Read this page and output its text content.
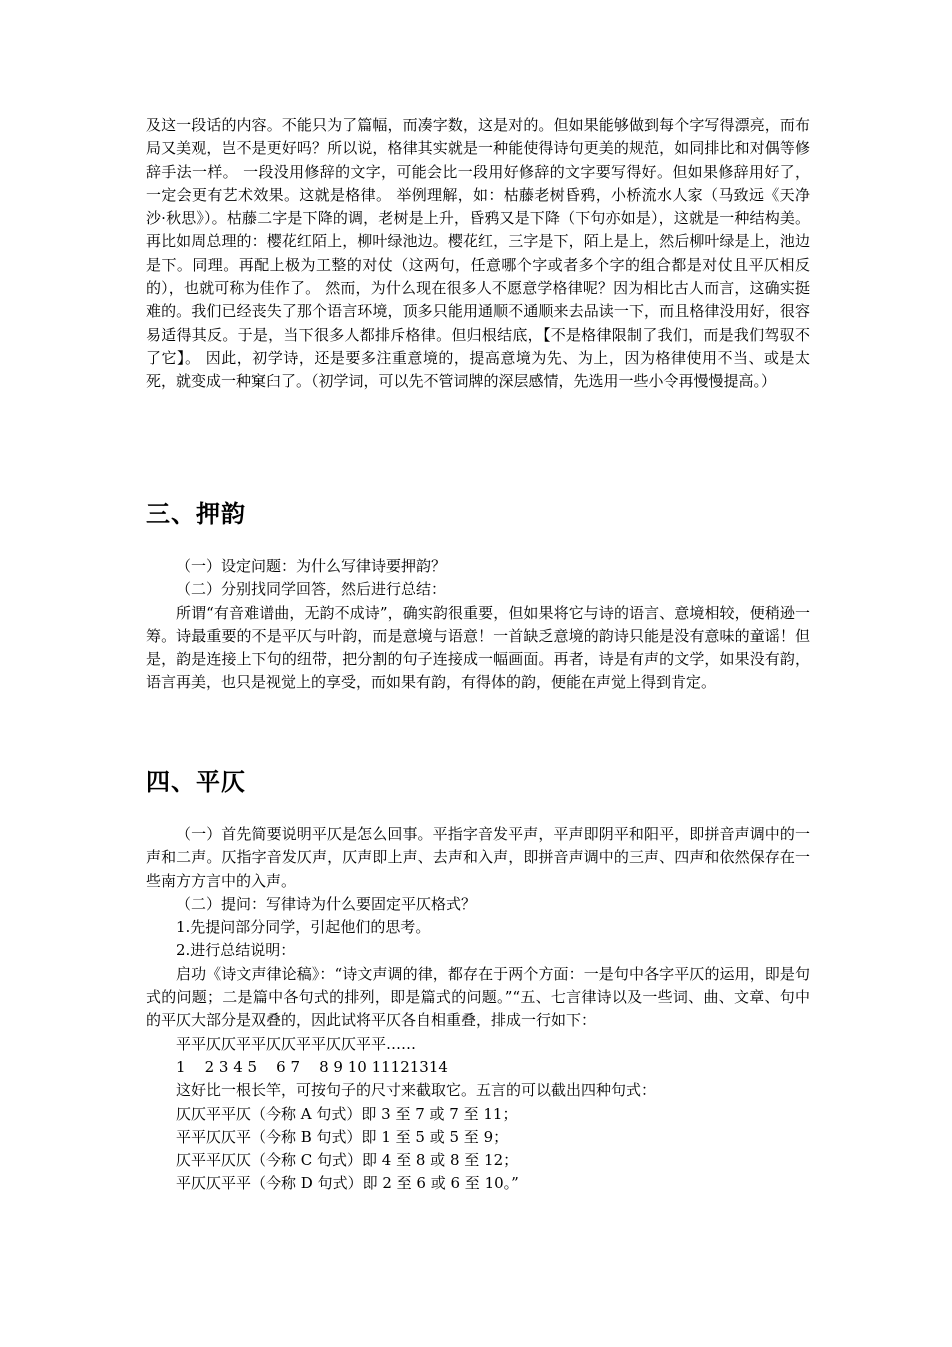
及这一段话的内容。不能只为了篇幅，而凑字数，这是对的。但如果能够做到每个字写得漂亮，而布局又美观，岂不是更好吗？所以说，格律其实就是一种能使得诗句更美的规范，如同排比和对偶等修辞手法一样。 一段没用修辞的文字，可能会比一段用好修辞的文字要写得好。但如果修辞用好了，一定会更有艺术效果。这就是格律。 举例理解，如：枯藤老树昏鸦，小桥流水人家（马致远《天净沙·秋思》）。枯藤二字是下降的调，老树是上升，昏鸦又是下降（下句亦如是），这就是一种结构美。 再比如周总理的：樱花红陌上，柳叶绿池边。樱花红，三字是下，陌上是上，然后柳叶绿是上，池边是下。同理。再配上极为工整的对仗（这两句，任意哪个字或者多个字的组合都是对仗且平仄相反的），也就可称为佳作了。 然而，为什么现在很多人不愿意学格律呢？因为相比古人而言，这确实挺难的。我们已经丧失了那个语言环境，顶多只能用通顺不通顺来去品读一下，而且格律没用好，很容易适得其反。于是，当下很多人都排斥格律。但归根结底，【不是格律限制了我们，而是我们驾驭不了它】。 因此，初学诗，还是要多注重意境的，提高意境为先、为上，因为格律使用不当、或是太死，就变成一种窠臼了。（初学词，可以先不管词牌的深层感情，先选用一些小令再慢慢提高。）

三、押韵

（一）设定问题：为什么写律诗要押韵？

（二）分别找同学回答，然后进行总结：

所谓“有音难谱曲，无韵不成诗”，确实韵很重要，但如果将它与诗的语言、意境相较，便稍逊一筹。诗最重要的不是平仄与叶韵，而是意境与语意！一首缺乏意境的韵诗只能是没有意味的童谣！但是，韵是连接上下句的纽带，把分割的句子连接成一幅画面。再者，诗是有声的文学，如果没有韵，语言再美，也只是视觉上的享受，而如果有韵，有得体的韵，便能在声觉上得到肯定。

四、平仄

（一）首先简要说明平仄是怎么回事。平指字音发平声，平声即阴平和阳平，即拼音声调中的一声和二声。仄指字音发仄声，仄声即上声、去声和入声，即拼音声调中的三声、四声和依然保存在一些南方方言中的入声。

（二）提问：写律诗为什么要固定平仄格式？

1.先提问部分同学，引起他们的思考。

2.进行总结说明：

启功《诗文声律论稿》：“诗文声调的律，都存在于两个方面：一是句中各字平仄的运用，即是句式的问题；二是篇中各句式的排列，即是篇式的问题。”“五、七言律诗以及一些词、曲、文章、句中的平仄大部分是双叠的，因此试将平仄各自相重叠，排成一行如下：

平平仄仄平平仄仄平平仄仄平平……

1    2 3 4 5    6 7    8 9 10 11121314

这好比一根长竿，可按句子的尺寸来截取它。五言的可以截出四种句式：

仄仄平平仄（今称 A 句式）即 3 至 7 或 7 至 11；

平平仄仄平（今称 B 句式）即 1 至 5 或 5 至 9；

仄平平仄仄（今称 C 句式）即 4 至 8 或 8 至 12；

平仄仄平平（今称 D 句式）即 2 至 6 或 6 至 10。”
